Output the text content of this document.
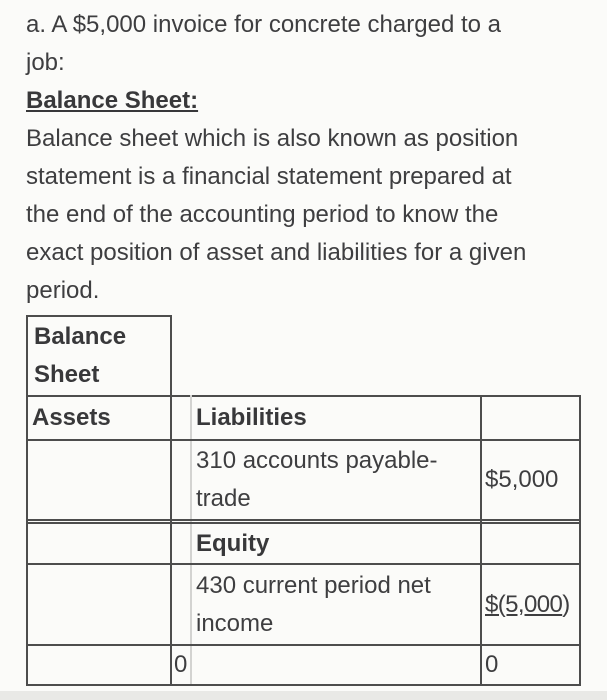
a. A $5,000 invoice for concrete charged to a

job:

Balance Sheet:

Balance sheet which is also known as position

statement is a financial statement prepared at

the end of the accounting period to know the

exact position of asset and liabilities for a given

period.

Balance Sheet			
Assets		Liabilities	

		310 accounts payable-trade	$5,000

		Equity	

		430 current period net income	$(5,000)
	0		0
